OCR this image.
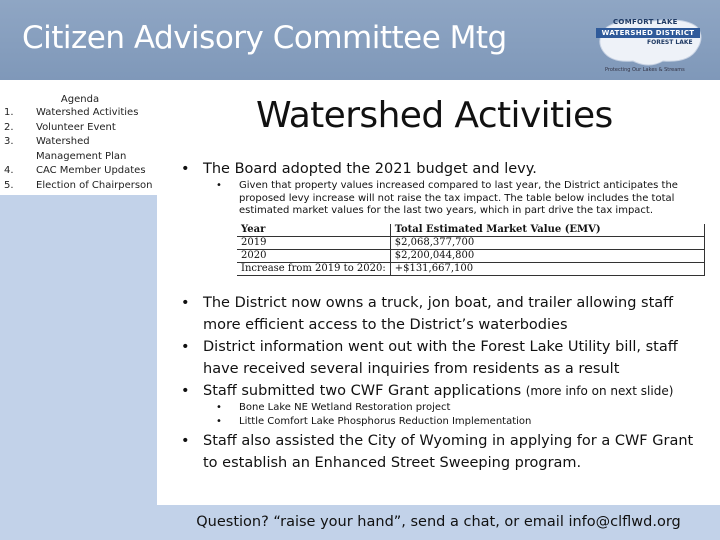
Citizen Advisory Committee Mtg	COMFORT LAKE
WATERSHED DISTRICT
FOREST LAKE
Protecting Our Lakes & Streams
Agenda
1. Watershed Activities
2. Volunteer Event
3. Watershed Management Plan
4. CAC Member Updates
5. Election of Chairperson
Watershed Activities
• The Board adopted the 2021 budget and levy.
•	Given that property values increased compared to last year, the District anticipates the proposed levy increase will not raise the tax impact. The table below includes the total estimated market values for the last two years, which in part drive the tax impact.
Year	Total Estimated Market Value (EMV)
2019	$2,068,377,700
2020	$2,200,044,800
Increase from 2019 to 2020:	+$131,667,100
• The District now owns a truck, jon boat, and trailer allowing staff more efficient access to the District’s waterbodies
• District information went out with the Forest Lake Utility bill, staff have received several inquiries from residents as a result
• Staff submitted two CWF Grant applications (more info on next slide)
•	Bone Lake NE Wetland Restoration project
•	Little Comfort Lake Phosphorus Reduction Implementation
• Staff also assisted the City of Wyoming in applying for a CWF Grant to establish an Enhanced Street Sweeping program.
Question? “raise your hand”, send a chat, or email info@clflwd.org
